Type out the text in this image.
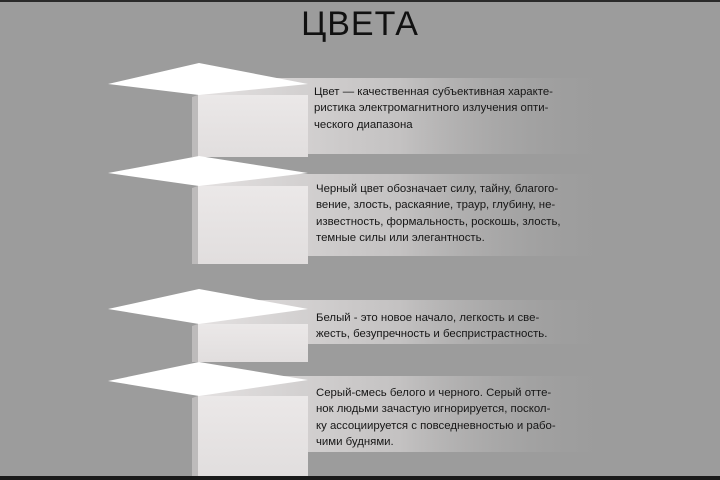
ЦВЕТА
Цвет — качественная субъективная характе-
ристика электромагнитного излучения опти-
ческого диапазона
Черный цвет обозначает силу, тайну, благого-
вение, злость, раскаяние, траур, глубину, не-
известность, формальность, роскошь, злость,
темные силы или элегантность.
Белый - это новое начало, легкость и све-
жесть, безупречность и беспристрастность.
Серый-смесь белого и черного. Серый отте-
нок людьми зачастую игнорируется, поскол-
ку ассоциируется с повседневностью и рабо-
чими буднями.
